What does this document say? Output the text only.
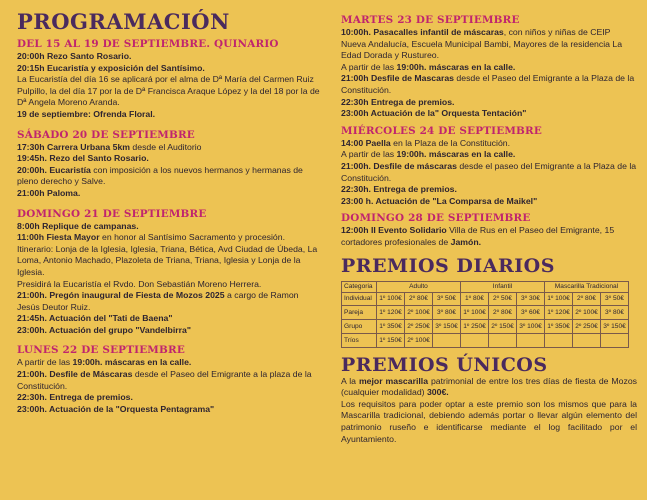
PROGRAMACIÓN
DEL 15 AL 19 DE SEPTIEMBRE. QUINARIO
20:00h Rezo Santo Rosario.
20:15h Eucaristía y exposición del Santísimo.
La Eucaristía del día 16 se aplicará por el alma de Dª María del Carmen Ruiz Pulpillo, la del día 17 por la de Dª Francisca Araque López y la del 18 por la de Dª Angela Moreno Aranda.
19 de septiembre: Ofrenda Floral.
SÁBADO 20 DE SEPTIEMBRE
17:30h Carrera Urbana 5km desde el Auditorio
19:45h. Rezo del Santo Rosario.
20:00h. Eucaristía con imposición a los nuevos hermanos y hermanas de pleno derecho y Salve.
21:00h Paloma.
DOMINGO 21 DE SEPTIEMBRE
8:00h Replique de campanas.
11:00h Fiesta Mayor en honor al Santísimo Sacramento y procesión.
Itinerario: Lonja de la Iglesia, Iglesia, Triana, Bética, Avd Ciudad de Úbeda, La Loma, Antonio Machado, Plazoleta de Triana, Triana, Iglesia y Lonja de la Iglesia.
Presidirá la Eucaristía el Rvdo. Don Sebastián Moreno Herrera.
21:00h. Pregón inaugural de Fiesta de Mozos 2025 a cargo de Ramon Jesús Deutor Ruiz.
21:45h. Actuación del "Tati de Baena"
23:00h. Actuación del grupo "Vandelbirra"
LUNES 22 DE SEPTIEMBRE
A partir de las 19:00h. máscaras en la calle.
21:00h. Desfile de Máscaras desde el Paseo del Emigrante a la plaza de la Constitución.
22:30h. Entrega de premios.
23:00h. Actuación de la "Orquesta Pentagrama"
MARTES 23 DE SEPTIEMBRE
10:00h. Pasacalles infantil de máscaras, con niños y niñas de CEIP Nueva Andalucía, Escuela Municipal Bambi, Mayores de la residencia La Edad Dorada y Rustureo.
A partir de las 19:00h. máscaras en la calle.
21:00h Desfile de Mascaras desde el Paseo del Emigrante a la Plaza de la Constitución.
22:30h Entrega de premios.
23:00h Actuación de la" Orquesta Tentación"
MIÉRCOLES 24 DE SEPTIEMBRE
14:00 Paella en la Plaza de la Constitución.
A partir de las 19:00h. máscaras en la calle.
21:00h. Desfile de máscaras desde el paseo del Emigrante a la Plaza de la Constitución.
22:30h. Entrega de premios.
23:00 h. Actuación de "La Comparsa de Maikel"
DOMINGO 28 DE SEPTIEMBRE
12:00h II Evento Solidario Villa de Rus en el Paseo del Emigrante, 15 cortadores profesionales de Jamón.
PREMIOS DIARIOS
Categoria	Adulto			Infantil			Mascarilla Tradicional		
Individual	1º 100€	2º 80€	3º 50€	1º 80€	2º 50€	3º 30€	1º 100€	2º 80€	3º 50€
Pareja	1º 120€	2º 100€	3º 80€	1º 100€	2º 80€	3º 60€	1º 120€	2º 100€	3º 80€
Grupo	1º 350€	2º 250€	3º 150€	1º 250€	2º 150€	3º 100€	1º 350€	2º 250€	3º 150€
Tríos	1º 150€	2º 100€							
PREMIOS ÚNICOS
A la mejor mascarilla patrimonial de entre los tres días de fiesta de Mozos (cualquier modalidad) 300€.
Los requisitos para poder optar a este premio son los mismos que para la Mascarilla tradicional, debiendo además portar o llevar algún elemento del patrimonio ruseño e identificarse mediante el log facilitado por el Ayuntamiento.
